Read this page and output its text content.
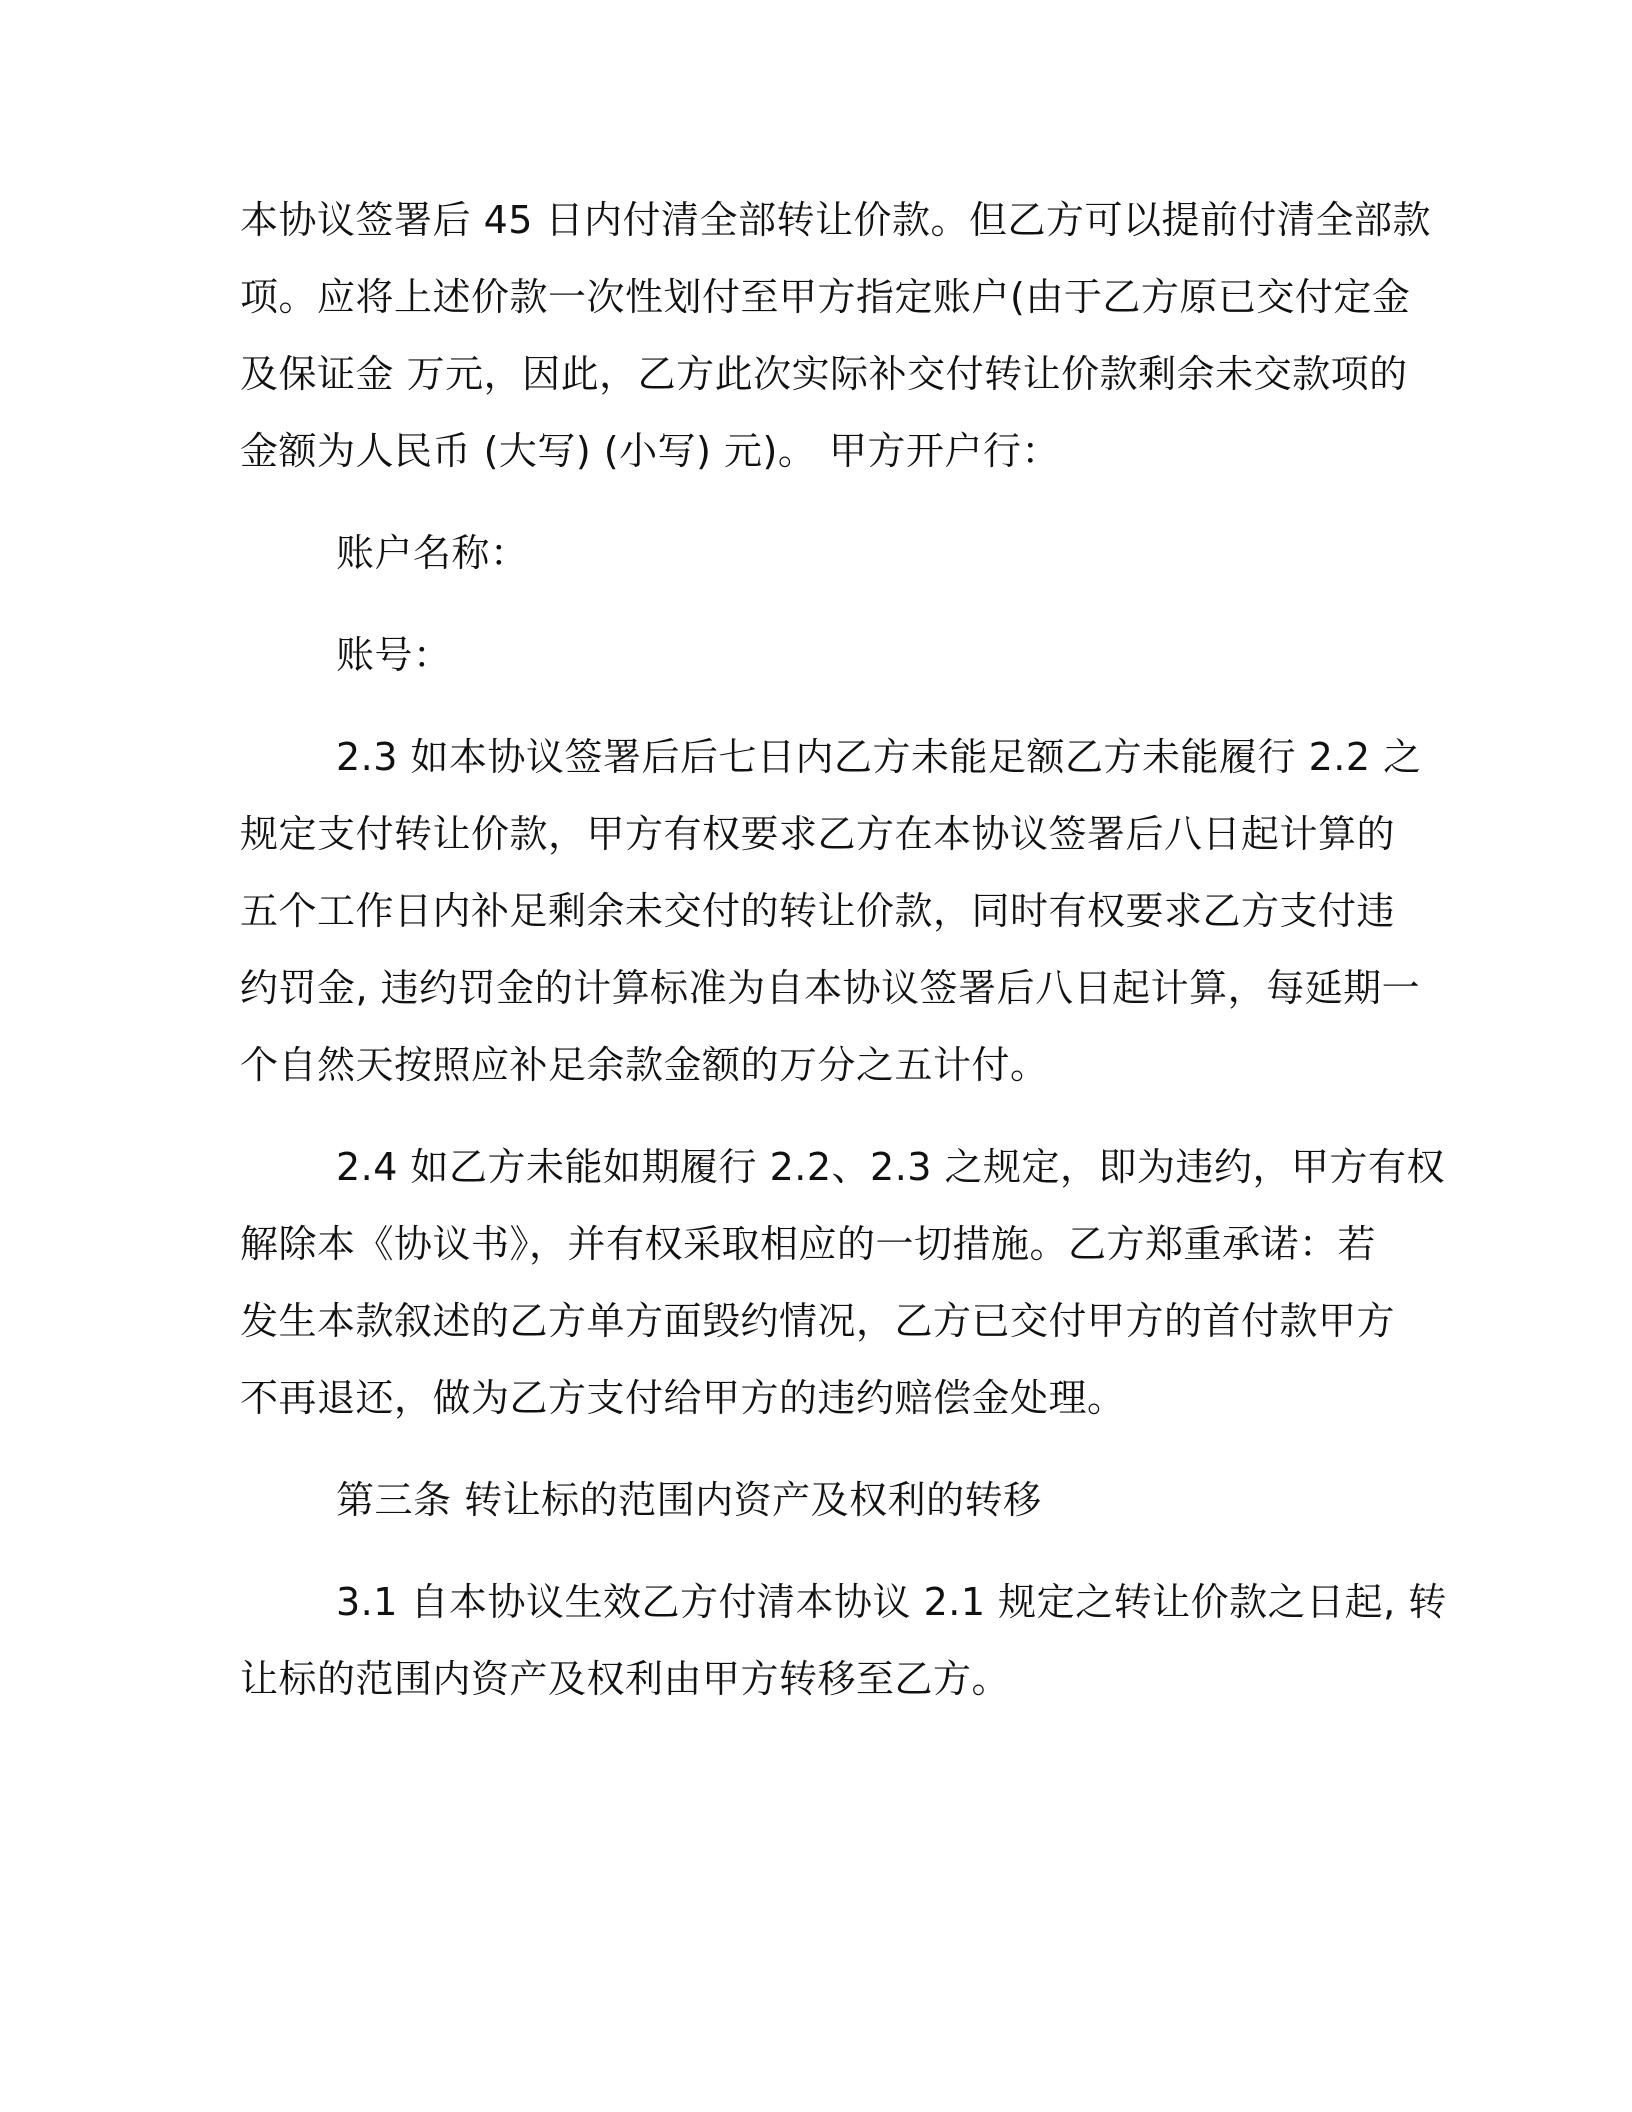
本协议签署后 45 日内付清全部转让价款。但乙方可以提前付清全部款
项。应将上述价款一次性划付至甲方指定账户(由于乙方原已交付定金
及保证金 万元，因此，乙方此次实际补交付转让价款剩余未交款项的
金额为人民币 (大写) (小写) 元)。 甲方开户行：

账户名称：

账号：

2.3 如本协议签署后后七日内乙方未能足额乙方未能履行 2.2 之
规定支付转让价款，甲方有权要求乙方在本协议签署后八日起计算的
五个工作日内补足剩余未交付的转让价款，同时有权要求乙方支付违
约罚金, 违约罚金的计算标准为自本协议签署后八日起计算，每延期一
个自然天按照应补足余款金额的万分之五计付。

2.4 如乙方未能如期履行 2.2、2.3 之规定，即为违约，甲方有权
解除本《协议书》，并有权采取相应的一切措施。乙方郑重承诺：若
发生本款叙述的乙方单方面毁约情况，乙方已交付甲方的首付款甲方
不再退还，做为乙方支付给甲方的违约赔偿金处理。

第三条 转让标的范围内资产及权利的转移

3.1 自本协议生效乙方付清本协议 2.1 规定之转让价款之日起, 转
让标的范围内资产及权利由甲方转移至乙方。
